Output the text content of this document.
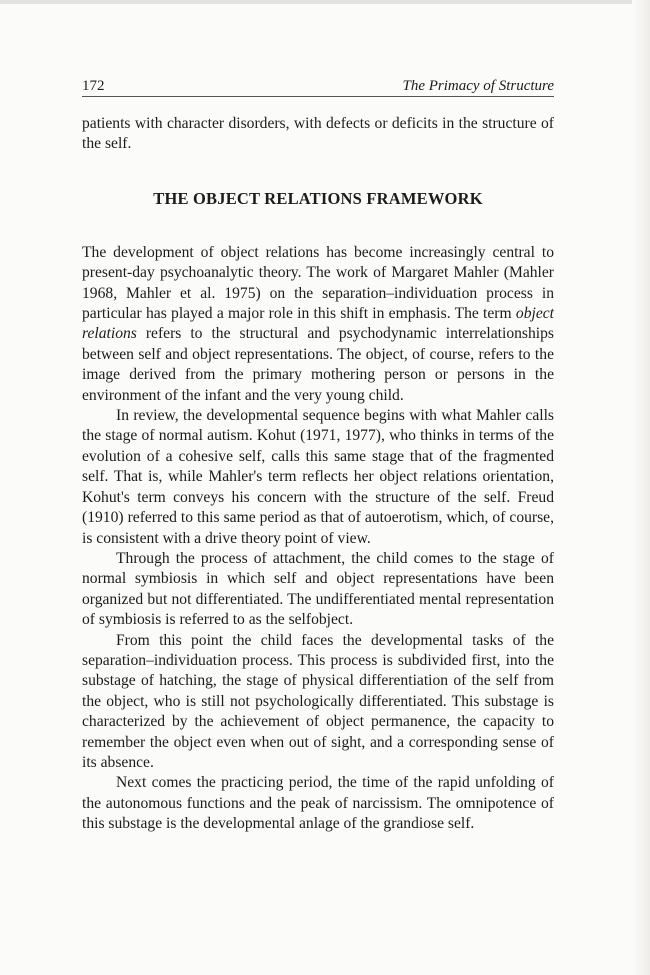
172	The Primacy of Structure

patients with character disorders, with defects or deficits in the structure of the self.

THE OBJECT RELATIONS FRAMEWORK

The development of object relations has become increasingly central to present-day psychoanalytic theory. The work of Margaret Mahler (Mahler 1968, Mahler et al. 1975) on the separation–individuation process in particular has played a major role in this shift in emphasis. The term object relations refers to the structural and psychodynamic interrelationships between self and object representations. The object, of course, refers to the image derived from the primary mothering person or persons in the environment of the infant and the very young child.

In review, the developmental sequence begins with what Mahler calls the stage of normal autism. Kohut (1971, 1977), who thinks in terms of the evolution of a cohesive self, calls this same stage that of the fragmented self. That is, while Mahler's term reflects her object relations orientation, Kohut's term conveys his concern with the structure of the self. Freud (1910) referred to this same period as that of autoerotism, which, of course, is consistent with a drive theory point of view.

Through the process of attachment, the child comes to the stage of normal symbiosis in which self and object representations have been organized but not differentiated. The undifferentiated mental representation of symbiosis is referred to as the selfobject.

From this point the child faces the developmental tasks of the separation–individuation process. This process is subdivided first, into the substage of hatching, the stage of physical differentiation of the self from the object, who is still not psychologically differentiated. This substage is characterized by the achievement of object permanence, the capacity to remember the object even when out of sight, and a corresponding sense of its absence.

Next comes the practicing period, the time of the rapid unfolding of the autonomous functions and the peak of narcissism. The omnipotence of this substage is the developmental anlage of the grandiose self.
